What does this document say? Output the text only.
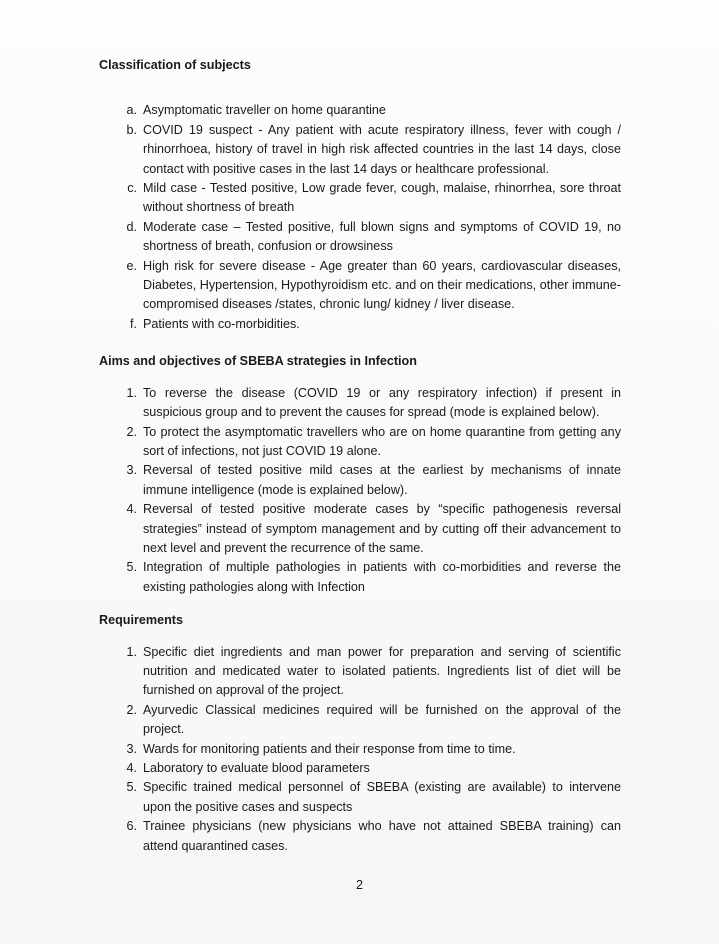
Classification of subjects
a. Asymptomatic traveller on home quarantine
b. COVID 19 suspect - Any patient with acute respiratory illness, fever with cough / rhinorrhoea, history of travel in high risk affected countries in the last 14 days, close contact with positive cases in the last 14 days or healthcare professional.
c. Mild case - Tested positive, Low grade fever, cough, malaise, rhinorrhea, sore throat without shortness of breath
d. Moderate case – Tested positive, full blown signs and symptoms of COVID 19, no shortness of breath, confusion or drowsiness
e. High risk for severe disease - Age greater than 60 years, cardiovascular diseases, Diabetes, Hypertension, Hypothyroidism etc. and on their medications, other immune-compromised diseases /states, chronic lung/ kidney / liver disease.
f. Patients with co-morbidities.
Aims and objectives of SBEBA strategies in Infection
1. To reverse the disease (COVID 19 or any respiratory infection) if present in suspicious group and to prevent the causes for spread (mode is explained below).
2. To protect the asymptomatic travellers who are on home quarantine from getting any sort of infections, not just COVID 19 alone.
3. Reversal of tested positive mild cases at the earliest by mechanisms of innate immune intelligence (mode is explained below).
4. Reversal of tested positive moderate cases by “specific pathogenesis reversal strategies” instead of symptom management and by cutting off their advancement to next level and prevent the recurrence of the same.
5. Integration of multiple pathologies in patients with co-morbidities and reverse the existing pathologies along with Infection
Requirements
1. Specific diet ingredients and man power for preparation and serving of scientific nutrition and medicated water to isolated patients. Ingredients list of diet will be furnished on approval of the project.
2. Ayurvedic Classical medicines required will be furnished on the approval of the project.
3. Wards for monitoring patients and their response from time to time.
4. Laboratory to evaluate blood parameters
5. Specific trained medical personnel of SBEBA (existing are available) to intervene upon the positive cases and suspects
6. Trainee physicians (new physicians who have not attained SBEBA training) can attend quarantined cases.
2
